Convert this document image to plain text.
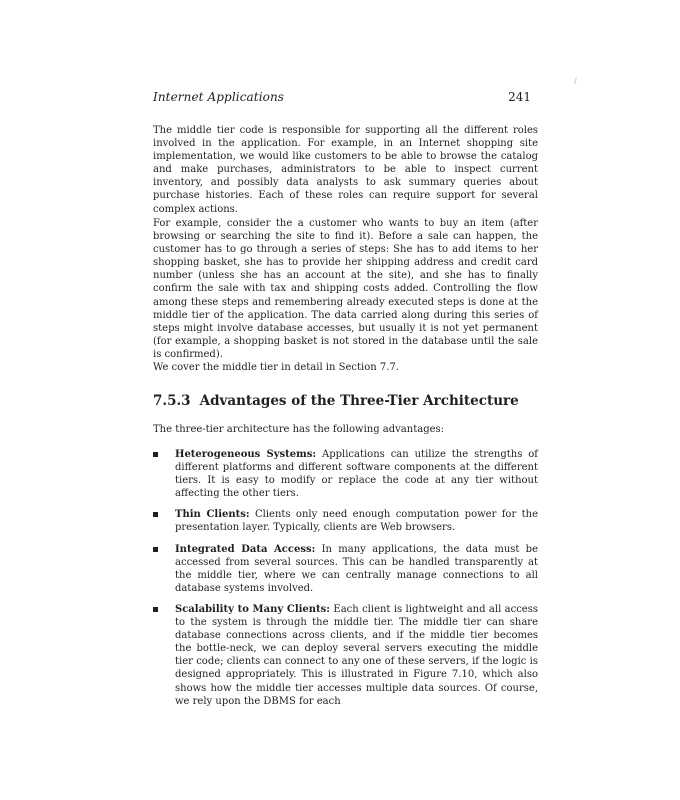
Internet Applications	241

The middle tier code is responsible for supporting all the different roles involved in the application. For example, in an Internet shopping site implementation, we would like customers to be able to browse the catalog and make purchases, administrators to be able to inspect current inventory, and possibly data analysts to ask summary queries about purchase histories. Each of these roles can require support for several complex actions.

For example, consider the a customer who wants to buy an item (after browsing or searching the site to find it). Before a sale can happen, the customer has to go through a series of steps: She has to add items to her shopping basket, she has to provide her shipping address and credit card number (unless she has an account at the site), and she has to finally confirm the sale with tax and shipping costs added. Controlling the flow among these steps and remembering already executed steps is done at the middle tier of the application. The data carried along during this series of steps might involve database accesses, but usually it is not yet permanent (for example, a shopping basket is not stored in the database until the sale is confirmed).

We cover the middle tier in detail in Section 7.7.

7.5.3 Advantages of the Three-Tier Architecture

The three-tier architecture has the following advantages:

Heterogeneous Systems: Applications can utilize the strengths of different platforms and different software components at the different tiers. It is easy to modify or replace the code at any tier without affecting the other tiers.
Thin Clients: Clients only need enough computation power for the presentation layer. Typically, clients are Web browsers.
Integrated Data Access: In many applications, the data must be accessed from several sources. This can be handled transparently at the middle tier, where we can centrally manage connections to all database systems involved.
Scalability to Many Clients: Each client is lightweight and all access to the system is through the middle tier. The middle tier can share database connections across clients, and if the middle tier becomes the bottle-neck, we can deploy several servers executing the middle tier code; clients can connect to any one of these servers, if the logic is designed appropriately. This is illustrated in Figure 7.10, which also shows how the middle tier accesses multiple data sources. Of course, we rely upon the DBMS for each
